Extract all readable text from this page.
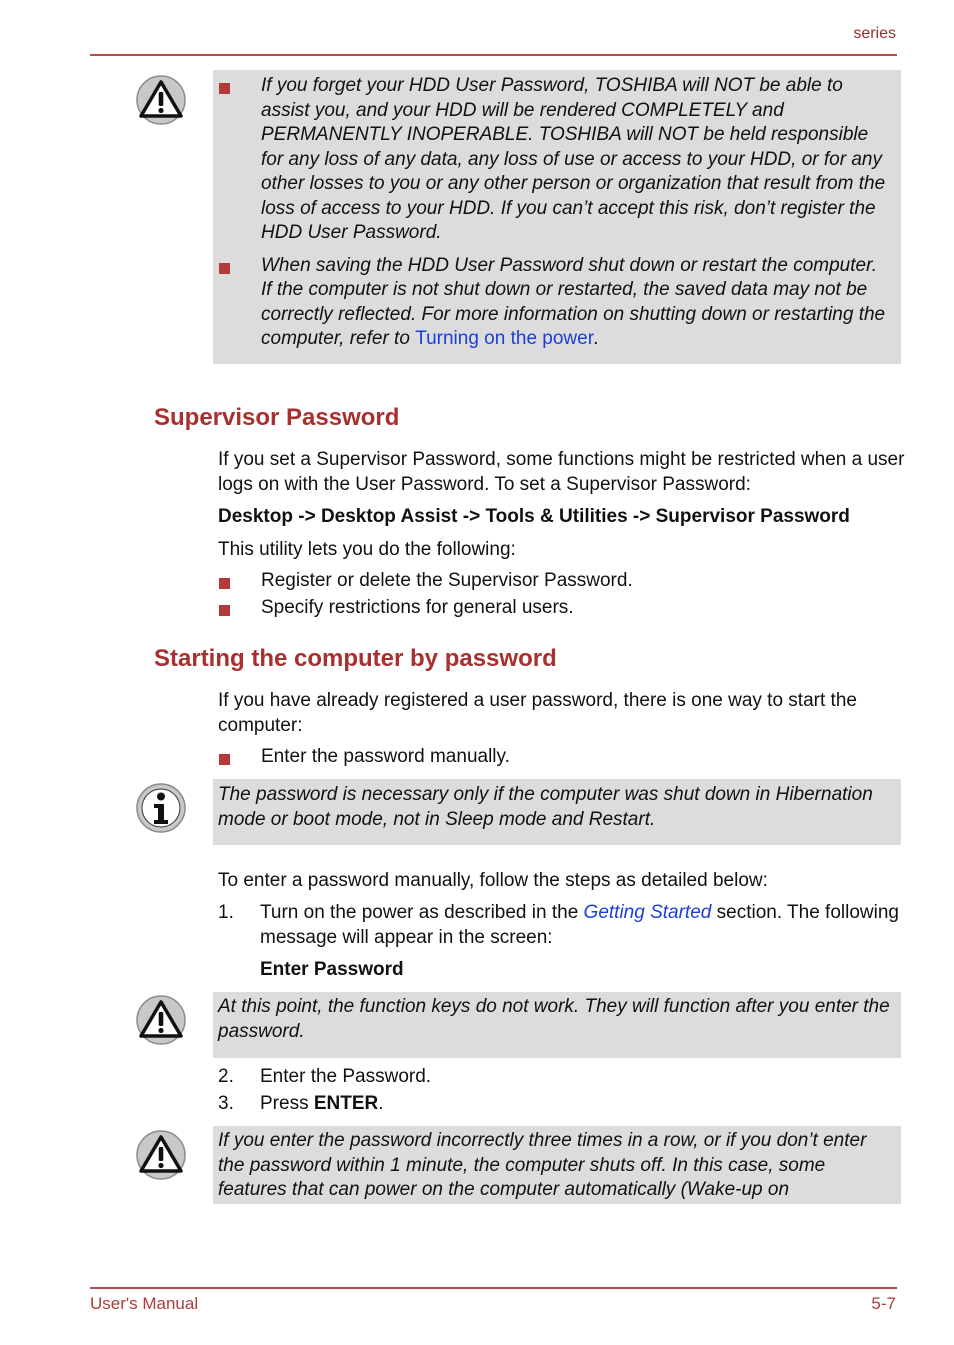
series

If you forget your HDD User Password, TOSHIBA will NOT be able to assist you, and your HDD will be rendered COMPLETELY and PERMANENTLY INOPERABLE. TOSHIBA will NOT be held responsible for any loss of any data, any loss of use or access to your HDD, or for any other losses to you or any other person or organization that result from the loss of access to your HDD. If you can’t accept this risk, don’t register the HDD User Password.

When saving the HDD User Password shut down or restart the computer. If the computer is not shut down or restarted, the saved data may not be correctly reflected. For more information on shutting down or restarting the computer, refer to Turning on the power.

Supervisor Password

If you set a Supervisor Password, some functions might be restricted when a user logs on with the User Password. To set a Supervisor Password:

Desktop -> Desktop Assist -> Tools & Utilities -> Supervisor Password

This utility lets you do the following:

Register or delete the Supervisor Password.
Specify restrictions for general users.
Starting the computer by password

If you have already registered a user password, there is one way to start the computer:

Enter the password manually.

The password is necessary only if the computer was shut down in Hibernation mode or boot mode, not in Sleep mode and Restart.

To enter a password manually, follow the steps as detailed below:

1. Turn on the power as described in the Getting Started section. The following message will appear in the screen:
Enter Password

At this point, the function keys do not work. They will function after you enter the password.

2. Enter the Password.
3. Press ENTER.

If you enter the password incorrectly three times in a row, or if you don’t enter the password within 1 minute, the computer shuts off. In this case, some features that can power on the computer automatically (Wake-up on

User's Manual	5-7
